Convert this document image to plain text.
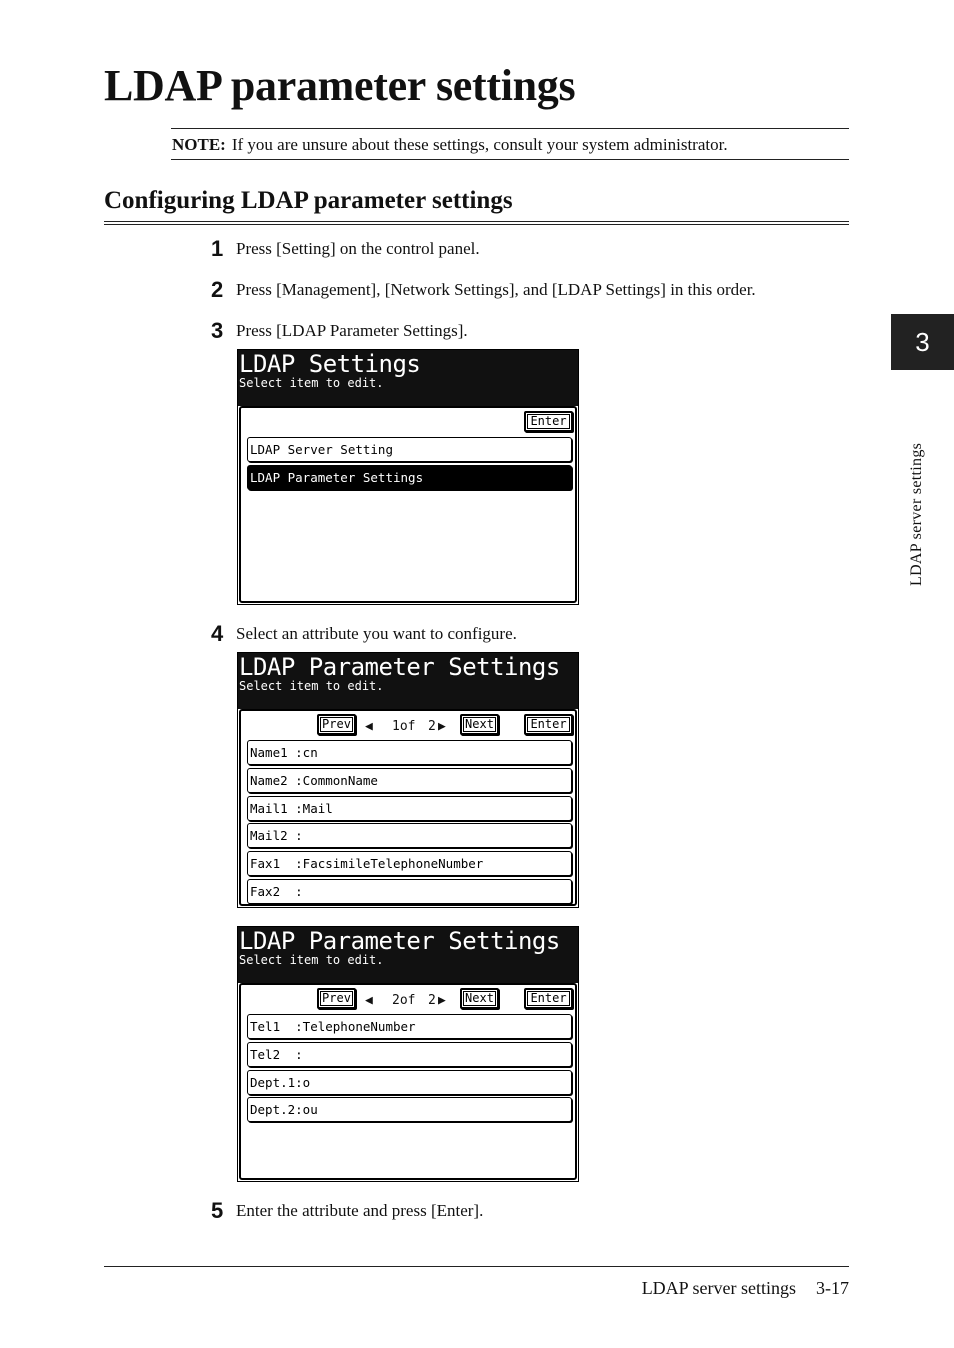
LDAP parameter settings
NOTE: If you are unsure about these settings, consult your system administrator.
Configuring LDAP parameter settings
1 Press [Setting] on the control panel.
2 Press [Management], [Network Settings], and [LDAP Settings] in this order.
3 Press [LDAP Parameter Settings].
LDAP Settings
Select item to edit.
Enter
LDAP Server Setting
LDAP Parameter Settings
4 Select an attribute you want to configure.
LDAP Parameter Settings
Select item to edit.
Prev	◀ 1of 2 ▶	Next	Enter
Name1 :cn
Name2 :CommonName
Mail1 :Mail
Mail2 :
Fax1  :FacsimileTelephoneNumber
Fax2  :
LDAP Parameter Settings
Select item to edit.
Prev	◀ 2of 2 ▶	Next	Enter
Tel1  :TelephoneNumber
Tel2  :
Dept.1:o
Dept.2:ou
5 Enter the attribute and press [Enter].
3
LDAP server settings
LDAP server settings 3-17
